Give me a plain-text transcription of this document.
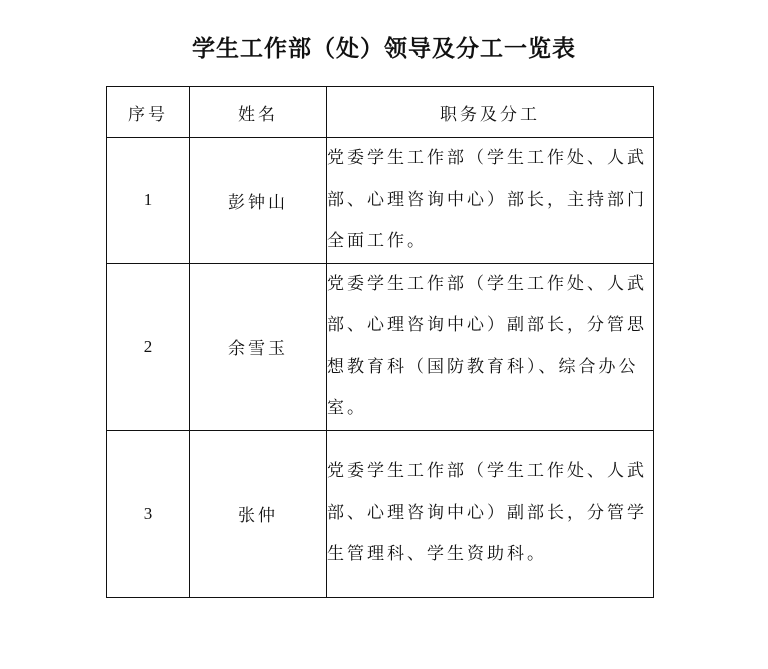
学生工作部（处）领导及分工一览表
序号	姓名	职务及分工
1	彭钟山	党委学生工作部（学生工作处、人武部、心理咨询中心）部长，主持部门全面工作。
2	余雪玉	党委学生工作部（学生工作处、人武部、心理咨询中心）副部长，分管思想教育科（国防教育科）、综合办公室。
3	张仲	党委学生工作部（学生工作处、人武部、心理咨询中心）副部长，分管学生管理科、学生资助科。
